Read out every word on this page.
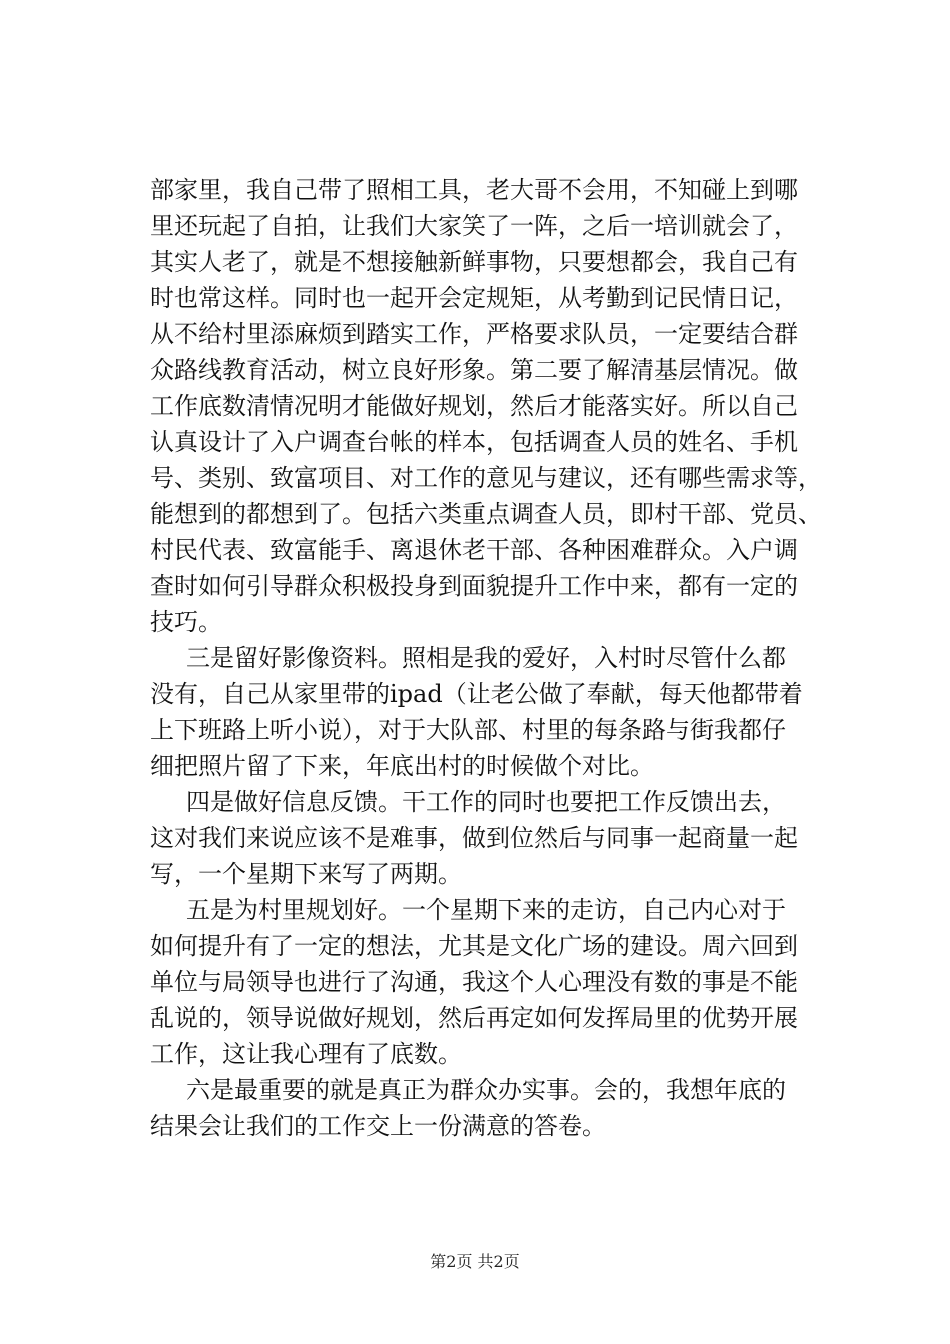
部家里，我自己带了照相工具，老大哥不会用，不知碰上到哪
里还玩起了自拍，让我们大家笑了一阵，之后一培训就会了，
其实人老了，就是不想接触新鲜事物，只要想都会，我自己有
时也常这样。同时也一起开会定规矩，从考勤到记民情日记，
从不给村里添麻烦到踏实工作，严格要求队员，一定要结合群
众路线教育活动，树立良好形象。第二要了解清基层情况。做
工作底数清情况明才能做好规划，然后才能落实好。所以自己
认真设计了入户调查台帐的样本，包括调查人员的姓名、手机
号、类别、致富项目、对工作的意见与建议，还有哪些需求等，
能想到的都想到了。包括六类重点调查人员，即村干部、党员、
村民代表、致富能手、离退休老干部、各种困难群众。入户调
查时如何引导群众积极投身到面貌提升工作中来，都有一定的
技巧。
三是留好影像资料。照相是我的爱好，入村时尽管什么都
没有，自己从家里带的ipad（让老公做了奉献，每天他都带着
上下班路上听小说），对于大队部、村里的每条路与街我都仔
细把照片留了下来，年底出村的时候做个对比。
四是做好信息反馈。干工作的同时也要把工作反馈出去，
这对我们来说应该不是难事，做到位然后与同事一起商量一起
写，一个星期下来写了两期。
五是为村里规划好。一个星期下来的走访，自己内心对于
如何提升有了一定的想法，尤其是文化广场的建设。周六回到
单位与局领导也进行了沟通，我这个人心理没有数的事是不能
乱说的，领导说做好规划，然后再定如何发挥局里的优势开展
工作，这让我心理有了底数。
六是最重要的就是真正为群众办实事。会的，我想年底的
结果会让我们的工作交上一份满意的答卷。
第2页 共2页
